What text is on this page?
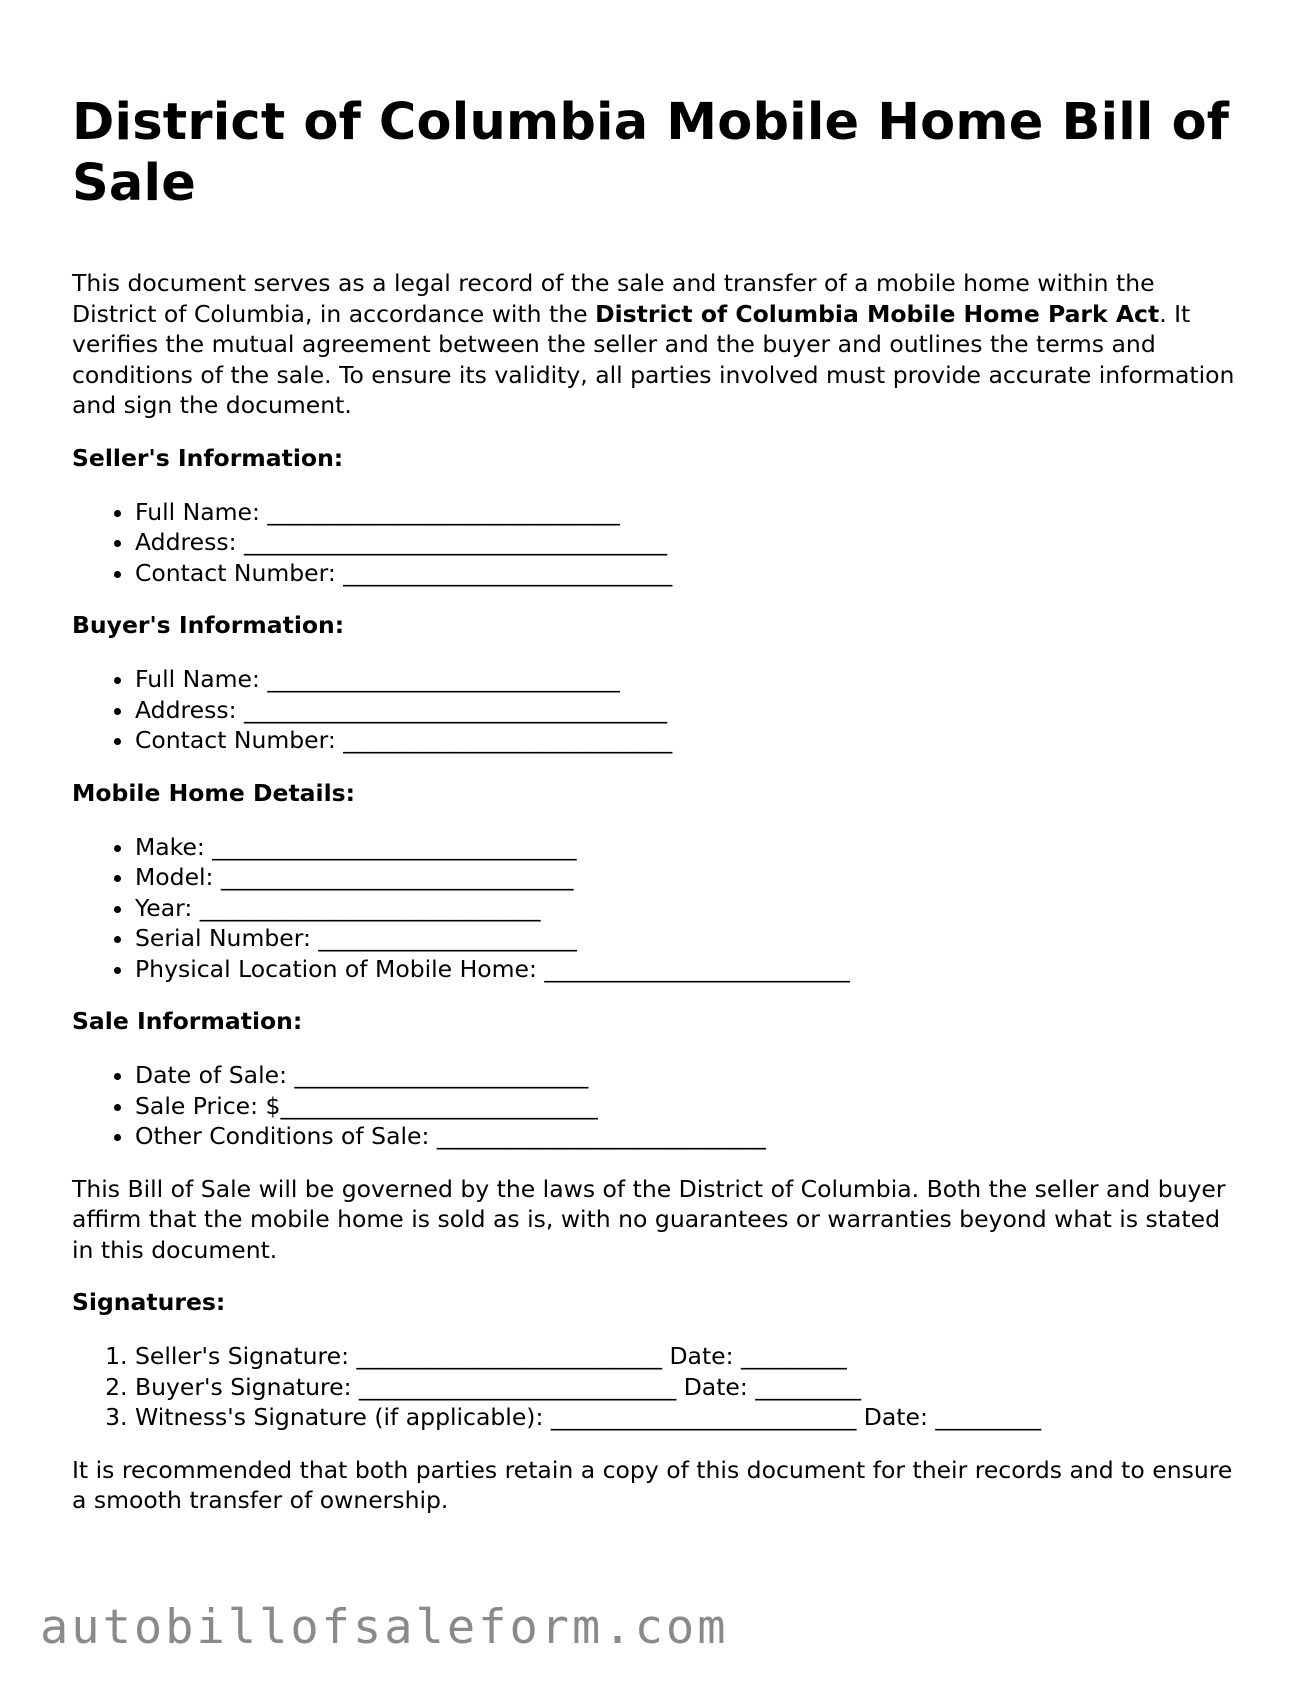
District of Columbia Mobile Home Bill of Sale

This document serves as a legal record of the sale and transfer of a mobile home within the District of Columbia, in accordance with the District of Columbia Mobile Home Park Act. It verifies the mutual agreement between the seller and the buyer and outlines the terms and conditions of the sale. To ensure its validity, all parties involved must provide accurate information and sign the document.

Seller's Information:
• Full Name: ______________________________
• Address: ____________________________________
• Contact Number: ____________________________
Buyer's Information:
• Full Name: ______________________________
• Address: ____________________________________
• Contact Number: ____________________________
Mobile Home Details:
• Make: _______________________________
• Model: ______________________________
• Year: _____________________________
• Serial Number: ______________________
• Physical Location of Mobile Home: __________________________
Sale Information:
• Date of Sale: _________________________
• Sale Price: $___________________________
• Other Conditions of Sale: ____________________________

This Bill of Sale will be governed by the laws of the District of Columbia. Both the seller and buyer affirm that the mobile home is sold as is, with no guarantees or warranties beyond what is stated in this document.

Signatures:
1. Seller's Signature: __________________________ Date: _________
2. Buyer's Signature: ___________________________ Date: _________
3. Witness's Signature (if applicable): __________________________ Date: _________

It is recommended that both parties retain a copy of this document for their records and to ensure a smooth transfer of ownership.

autobillofsaleform.com
